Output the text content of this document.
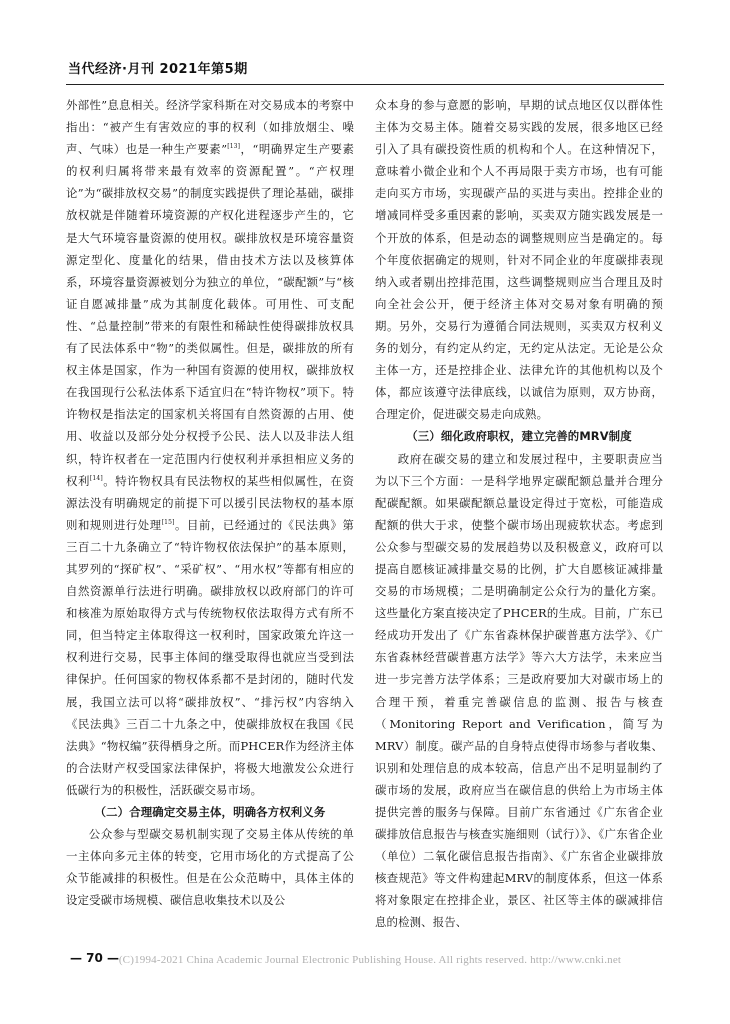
当代经济·月刊 2021年第5期

外部性”息息相关。经济学家科斯在对交易成本的考察中指出：“被产生有害效应的事的权利（如排放烟尘、噪声、气味）也是一种生产要素”[13]，“明确界定生产要素的权利归属将带来最有效率的资源配置”。“产权理论”为“碳排放权交易”的制度实践提供了理论基础，碳排放权就是伴随着环境资源的产权化进程逐步产生的，它是大气环境容量资源的使用权。碳排放权是环境容量资源定型化、度量化的结果，借由技术方法以及核算体系，环境容量资源被划分为独立的单位，“碳配额”与“核证自愿减排量”成为其制度化载体。可用性、可支配性、“总量控制”带来的有限性和稀缺性使得碳排放权具有了民法体系中“物”的类似属性。但是，碳排放的所有权主体是国家，作为一种国有资源的使用权，碳排放权在我国现行公私法体系下适宜归在“特许物权”项下。特许物权是指法定的国家机关将国有自然资源的占用、使用、收益以及部分处分权授予公民、法人以及非法人组织，特许权者在一定范围内行使权利并承担相应义务的权利[14]。特许物权具有民法物权的某些相似属性，在资源法没有明确规定的前提下可以援引民法物权的基本原则和规则进行处理[15]。目前，已经通过的《民法典》第三百二十九条确立了“特许物权依法保护”的基本原则，其罗列的“探矿权”、“采矿权”、“用水权”等都有相应的自然资源单行法进行明确。碳排放权以政府部门的许可和核准为原始取得方式与传统物权依法取得方式有所不同，但当特定主体取得这一权利时，国家政策允许这一权利进行交易，民事主体间的继受取得也就应当受到法律保护。任何国家的物权体系都不是封闭的，随时代发展，我国立法可以将“碳排放权”、“排污权”内容纳入《民法典》三百二十九条之中，使碳排放权在我国《民法典》“物权编”获得栖身之所。而PHCER作为经济主体的合法财产权受国家法律保护，将极大地激发公众进行低碳行为的积极性，活跃碳交易市场。

（二）合理确定交易主体，明确各方权利义务

公众参与型碳交易机制实现了交易主体从传统的单一主体向多元主体的转变，它用市场化的方式提高了公众节能减排的积极性。但是在公众范畴中，具体主体的设定受碳市场规模、碳信息收集技术以及公

众本身的参与意愿的影响，早期的试点地区仅以群体性主体为交易主体。随着交易实践的发展，很多地区已经引入了具有碳投资性质的机构和个人。在这种情况下，意味着小微企业和个人不再局限于卖方市场，也有可能走向买方市场，实现碳产品的买进与卖出。控排企业的增减同样受多重因素的影响，买卖双方随实践发展是一个开放的体系，但是动态的调整规则应当是确定的。每个年度依据确定的规则，针对不同企业的年度碳排表现纳入或者剔出控排范围，这些调整规则应当合理且及时向全社会公开，便于经济主体对交易对象有明确的预期。另外，交易行为遵循合同法规则，买卖双方权利义务的划分，有约定从约定，无约定从法定。无论是公众主体一方，还是控排企业、法律允许的其他机构以及个体，都应该遵守法律底线，以诚信为原则，双方协商，合理定价，促进碳交易走向成熟。

（三）细化政府职权，建立完善的MRV制度

政府在碳交易的建立和发展过程中，主要职责应当为以下三个方面：一是科学地界定碳配额总量并合理分配碳配额。如果碳配额总量设定得过于宽松，可能造成配额的供大于求，使整个碳市场出现疲软状态。考虑到公众参与型碳交易的发展趋势以及积极意义，政府可以提高自愿核证减排量交易的比例，扩大自愿核证减排量交易的市场规模；二是明确制定公众行为的量化方案。这些量化方案直接决定了PHCER的生成。目前，广东已经成功开发出了《广东省森林保护碳普惠方法学》、《广东省森林经营碳普惠方法学》等六大方法学，未来应当进一步完善方法学体系；三是政府要加大对碳市场上的合理干预，着重完善碳信息的监测、报告与核查（Monitoring Report and Verification，简写为MRV）制度。碳产品的自身特点使得市场参与者收集、识别和处理信息的成本较高，信息产出不足明显制约了碳市场的发展，政府应当在碳信息的供给上为市场主体提供完善的服务与保障。目前广东省通过《广东省企业碳排放信息报告与核查实施细则（试行）》、《广东省企业（单位）二氧化碳信息报告指南》、《广东省企业碳排放核查规范》等文件构建起MRV的制度体系，但这一体系将对象限定在控排企业，景区、社区等主体的碳减排信息的检测、报告、

— 70 — (C)1994-2021 China Academic Journal Electronic Publishing House. All rights reserved. http://www.cnki.net
